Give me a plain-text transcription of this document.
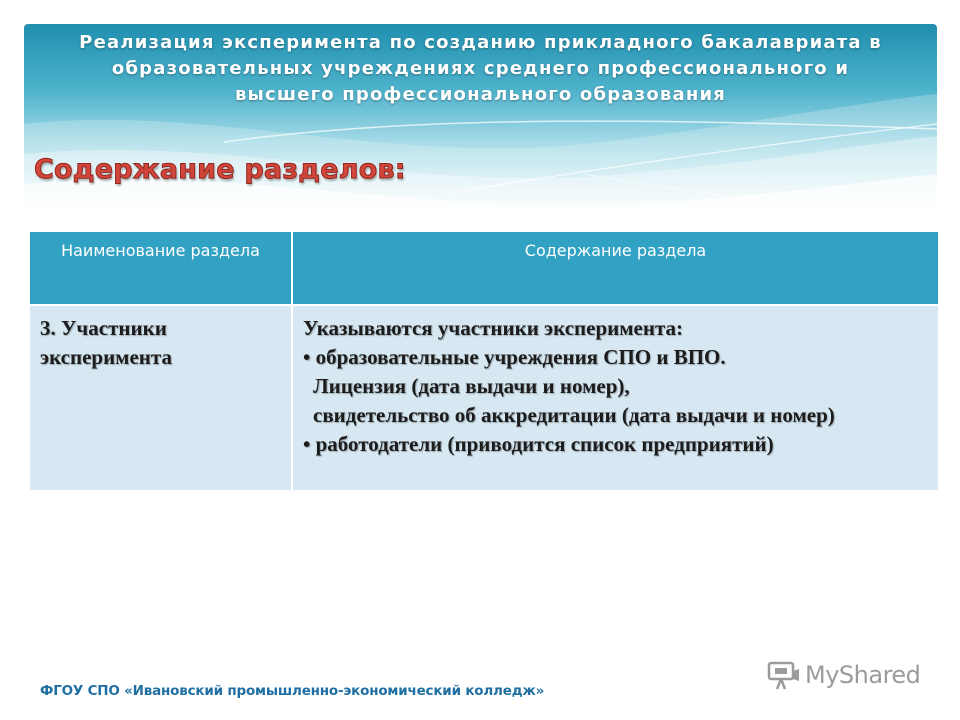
Реализация эксперимента по созданию прикладного бакалавриата в
образовательных учреждениях среднего профессионального и
высшего профессионального образования
Содержание разделов:
Наименование раздела	Содержание раздела
3. Участники эксперимента	Указываются участники эксперимента:
• образовательные учреждения СПО и ВПО.
Лицензия (дата выдачи и номер),
свидетельство об аккредитации (дата выдачи и номер)
• работодатели (приводится список предприятий)

ФГОУ СПО «Ивановский промышленно-экономический колледж»

MyShared
